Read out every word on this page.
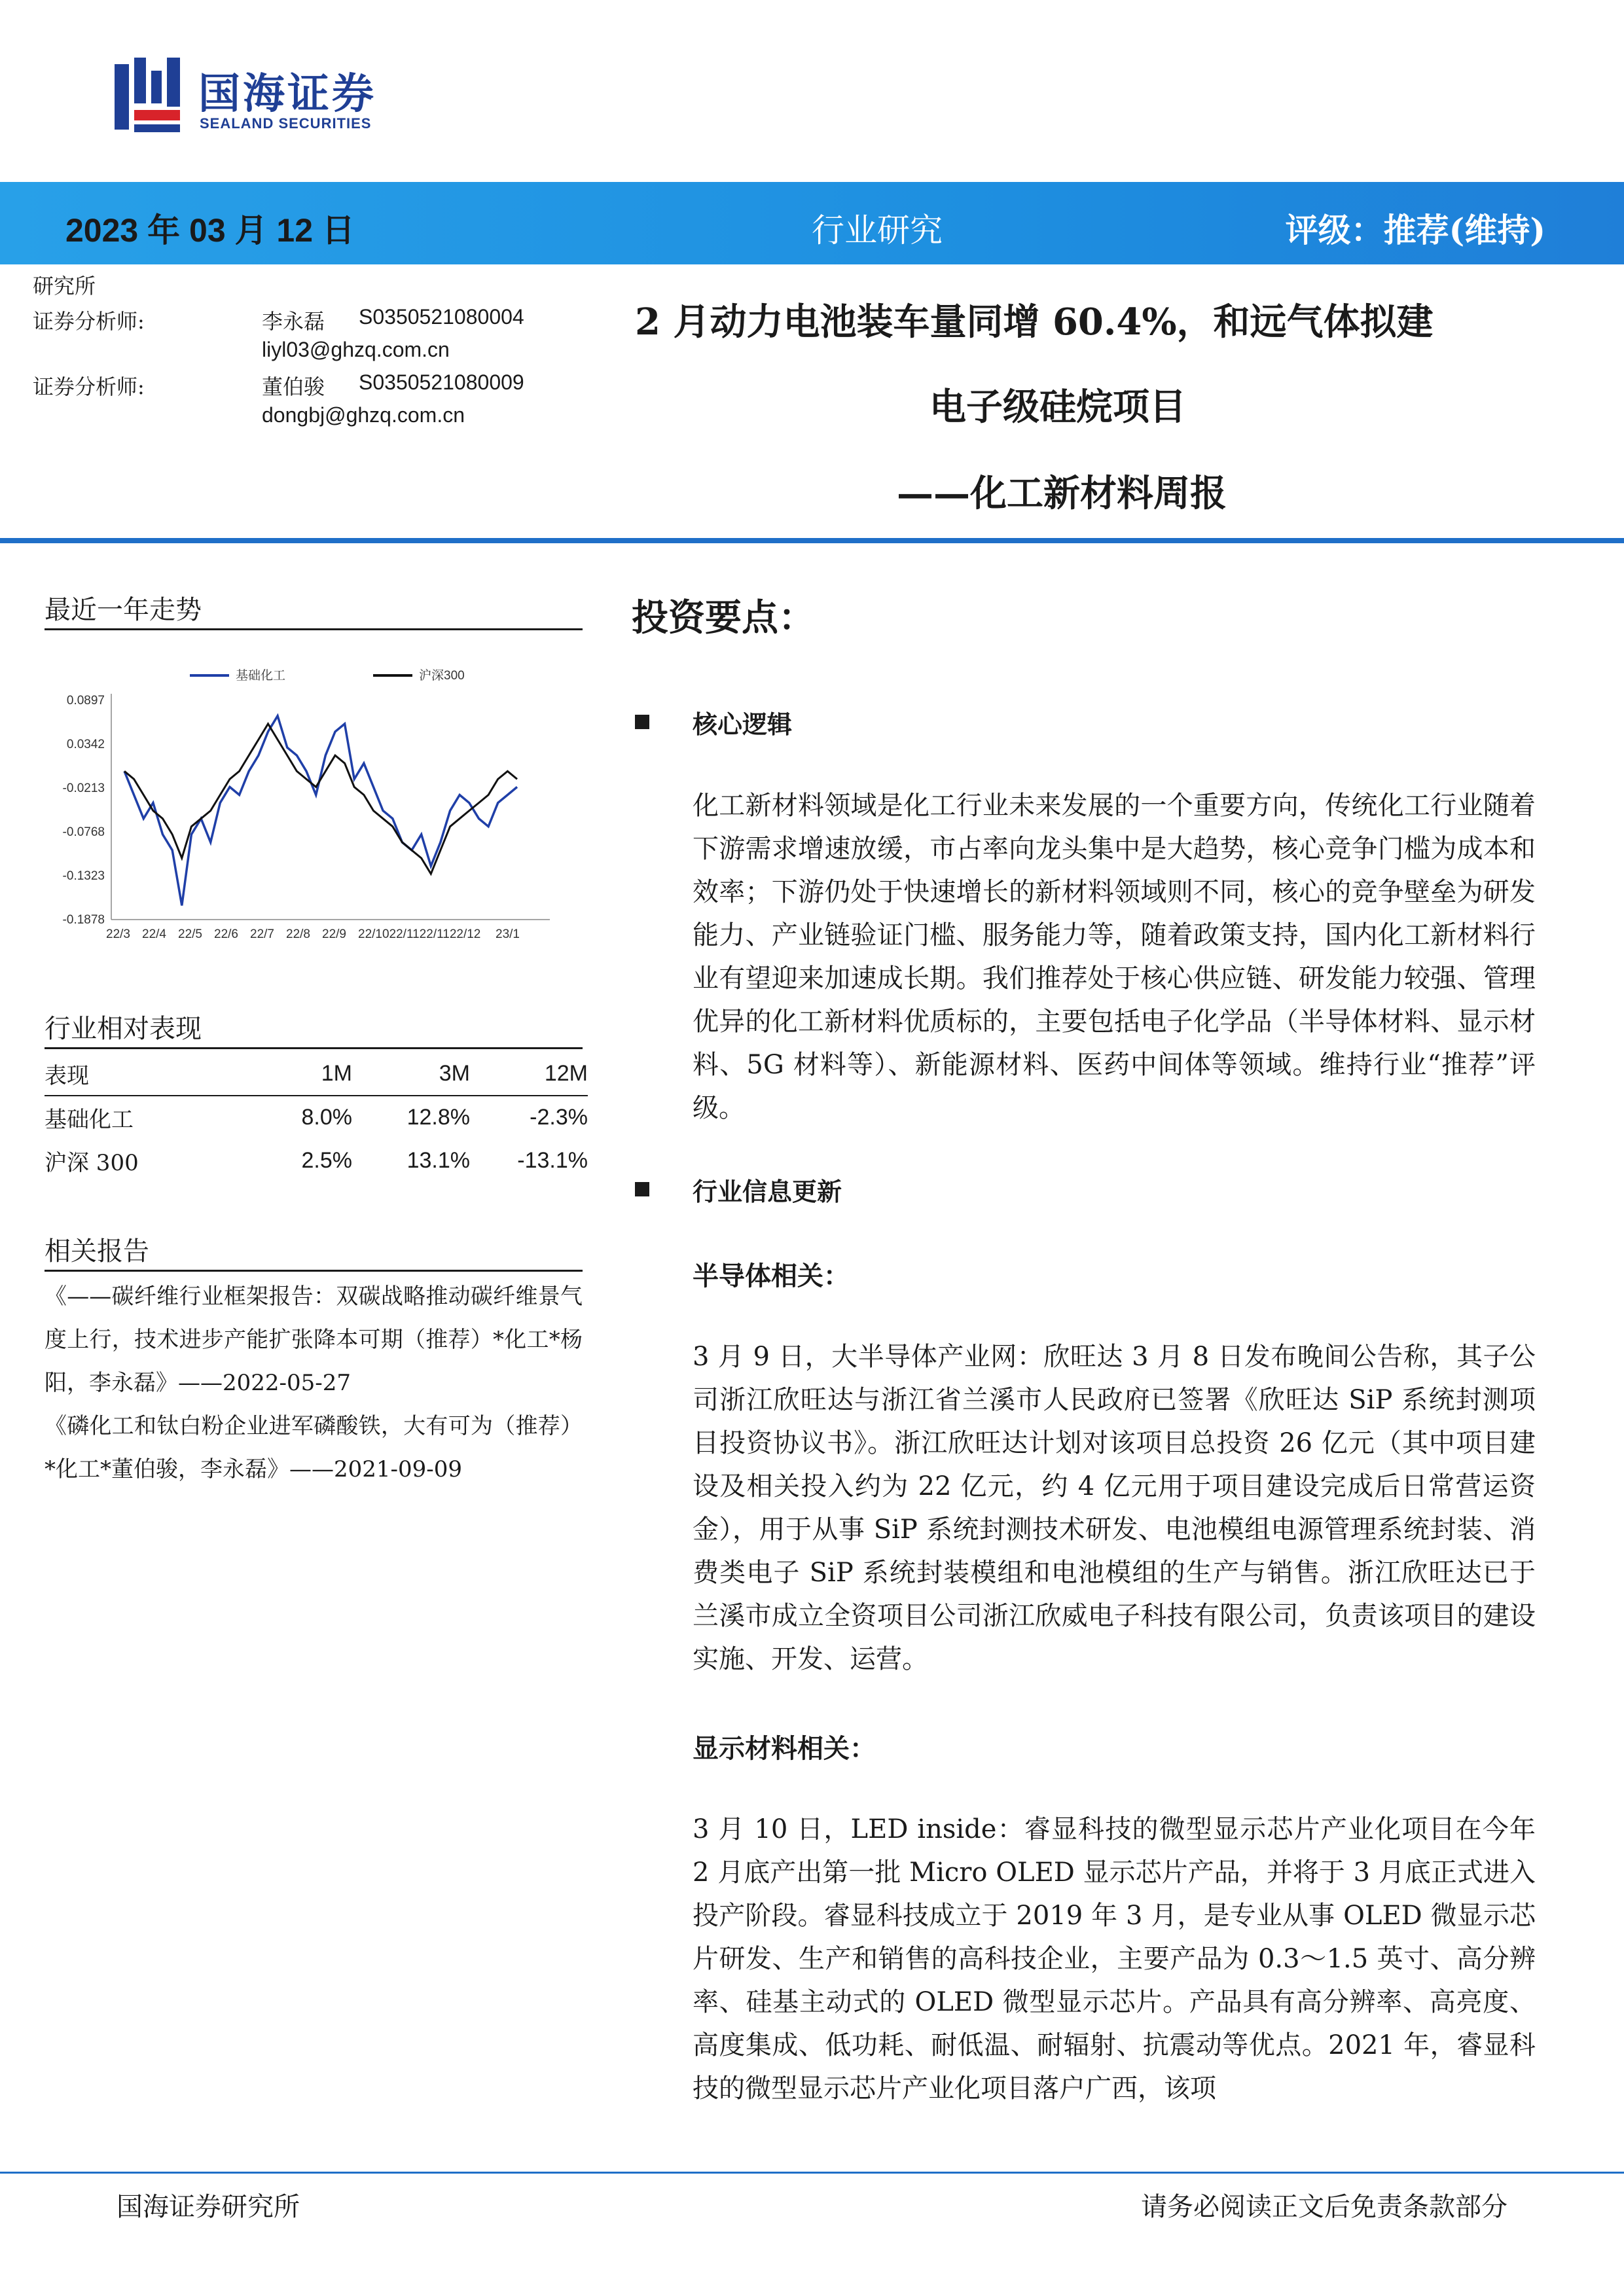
国海证券
SEALAND SECURITIES
2023 年 03 月 12 日	行业研究	评级：推荐(维持)
研究所
证券分析师:	李永磊 S0350521080004
liyl03@ghzq.com.cn
证券分析师:	董伯骏 S0350521080009
dongbj@ghzq.com.cn
2 月动力电池装车量同增 60.4%，和远气体拟建
电子级硅烷项目
——化工新材料周报
最近一年走势
基础化工	沪深300
0.0897
0.0342
-0.0213
-0.0768
-0.1323
-0.1878
22/3 22/4 22/5 22/6 22/7 22/8 22/9 22/1022/1122/1122/12 23/1
行业相对表现
表现	1M	3M	12M
基础化工	8.0%	12.8%	-2.3%
沪深 300	2.5%	13.1%	-13.1%
相关报告
《——碳纤维行业框架报告：双碳战略推动碳纤维景气度上行，技术进步产能扩张降本可期（推荐）*化工*杨阳，李永磊》——2022-05-27
《磷化工和钛白粉企业进军磷酸铁，大有可为（推荐）*化工*董伯骏，李永磊》——2021-09-09
投资要点：
核心逻辑
化工新材料领域是化工行业未来发展的一个重要方向，传统化工行业随着下游需求增速放缓，市占率向龙头集中是大趋势，核心竞争门槛为成本和效率；下游仍处于快速增长的新材料领域则不同，核心的竞争壁垒为研发能力、产业链验证门槛、服务能力等，随着政策支持，国内化工新材料行业有望迎来加速成长期。我们推荐处于核心供应链、研发能力较强、管理优异的化工新材料优质标的，主要包括电子化学品（半导体材料、显示材料、5G 材料等）、新能源材料、医药中间体等领域。维持行业“推荐”评级。
行业信息更新
半导体相关：
3 月 9 日，大半导体产业网：欣旺达 3 月 8 日发布晚间公告称，其子公司浙江欣旺达与浙江省兰溪市人民政府已签署《欣旺达 SiP 系统封测项目投资协议书》。浙江欣旺达计划对该项目总投资 26 亿元（其中项目建设及相关投入约为 22 亿元，约 4 亿元用于项目建设完成后日常营运资金），用于从事 SiP 系统封测技术研发、电池模组电源管理系统封装、消费类电子 SiP 系统封装模组和电池模组的生产与销售。浙江欣旺达已于兰溪市成立全资项目公司浙江欣威电子科技有限公司，负责该项目的建设实施、开发、运营。
显示材料相关：
3 月 10 日，LED inside：睿显科技的微型显示芯片产业化项目在今年 2 月底产出第一批 Micro OLED 显示芯片产品，并将于 3 月底正式进入投产阶段。睿显科技成立于 2019 年 3 月，是专业从事 OLED 微显示芯片研发、生产和销售的高科技企业，主要产品为 0.3～1.5 英寸、高分辨率、硅基主动式的 OLED 微型显示芯片。产品具有高分辨率、高亮度、高度集成、低功耗、耐低温、耐辐射、抗震动等优点。2021 年，睿显科技的微型显示芯片产业化项目落户广西，该项
国海证券研究所	请务必阅读正文后免责条款部分
